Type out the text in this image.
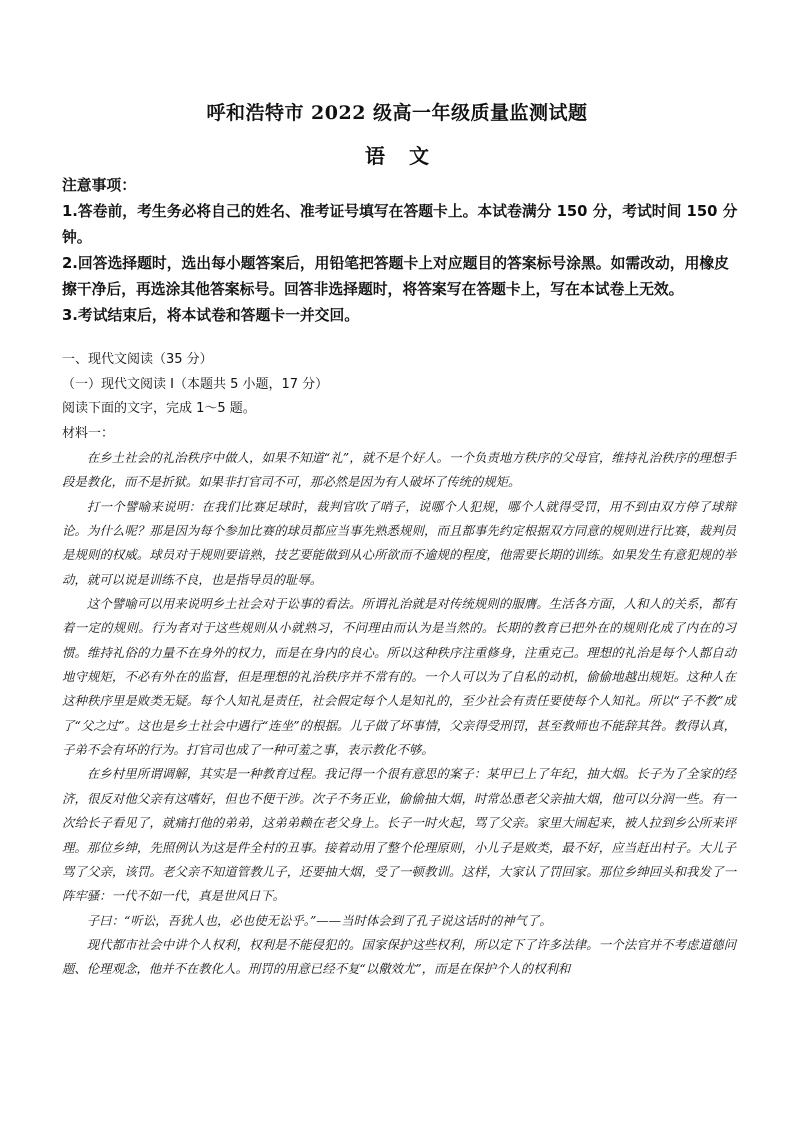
呼和浩特市 2022 级高一年级质量监测试题
语文

注意事项：

1.答卷前，考生务必将自己的姓名、准考证号填写在答题卡上。本试卷满分 150 分，考试时间 150 分钟。

2.回答选择题时，选出每小题答案后，用铅笔把答题卡上对应题目的答案标号涂黑。如需改动，用橡皮擦干净后，再选涂其他答案标号。回答非选择题时，将答案写在答题卡上，写在本试卷上无效。

3.考试结束后，将本试卷和答题卡一并交回。

一、现代文阅读（35 分）

（一）现代文阅读 I（本题共 5 小题，17 分）

阅读下面的文字，完成 1～5 题。

材料一：

在乡土社会的礼治秩序中做人，如果不知道“礼”，就不是个好人。一个负责地方秩序的父母官，维持礼治秩序的理想手段是教化，而不是折狱。如果非打官司不可，那必然是因为有人破坏了传统的规矩。

打一个譬喻来说明：在我们比赛足球时，裁判官吹了哨子，说哪个人犯规，哪个人就得受罚，用不到由双方停了球辩论。为什么呢？那是因为每个参加比赛的球员都应当事先熟悉规则，而且都事先约定根据双方同意的规则进行比赛，裁判员是规则的权威。球员对于规则要谙熟，技艺要能做到从心所欲而不逾规的程度，他需要长期的训练。如果发生有意犯规的举动，就可以说是训练不良，也是指导员的耻辱。

这个譬喻可以用来说明乡土社会对于讼事的看法。所谓礼治就是对传统规则的服膺。生活各方面，人和人的关系，都有着一定的规则。行为者对于这些规则从小就熟习，不问理由而认为是当然的。长期的教育已把外在的规则化成了内在的习惯。维持礼俗的力量不在身外的权力，而是在身内的良心。所以这种秩序注重修身，注重克己。理想的礼治是每个人都自动地守规矩，不必有外在的监督，但是理想的礼治秩序并不常有的。一个人可以为了自私的动机，偷偷地越出规矩。这种人在这种秩序里是败类无疑。每个人知礼是责任，社会假定每个人是知礼的，至少社会有责任要使每个人知礼。所以“子不教”成了“父之过”。这也是乡土社会中遇行“连坐”的根据。儿子做了坏事情，父亲得受刑罚，甚至教师也不能辞其咎。教得认真，子弟不会有坏的行为。打官司也成了一种可羞之事，表示教化不够。

在乡村里所谓调解，其实是一种教育过程。我记得一个很有意思的案子：某甲已上了年纪，抽大烟。长子为了全家的经济，很反对他父亲有这嗜好，但也不便干涉。次子不务正业，偷偷抽大烟，时常怂恿老父亲抽大烟，他可以分润一些。有一次给长子看见了，就痛打他的弟弟，这弟弟赖在老父身上。长子一时火起，骂了父亲。家里大闹起来，被人拉到乡公所来评理。那位乡绅，先照例认为这是件全村的丑事。接着动用了整个伦理原则，小儿子是败类，最不好，应当赶出村子。大儿子骂了父亲，该罚。老父亲不知道管教儿子，还要抽大烟，受了一顿教训。这样，大家认了罚回家。那位乡绅回头和我发了一阵牢骚：一代不如一代，真是世风日下。

子曰：“听讼，吾犹人也，必也使无讼乎。”——当时体会到了孔子说这话时的神气了。

现代都市社会中讲个人权利，权利是不能侵犯的。国家保护这些权利，所以定下了许多法律。一个法官并不考虑道德问题、伦理观念，他并不在教化人。刑罚的用意已经不复“以儆效尤”，而是在保护个人的权利和
